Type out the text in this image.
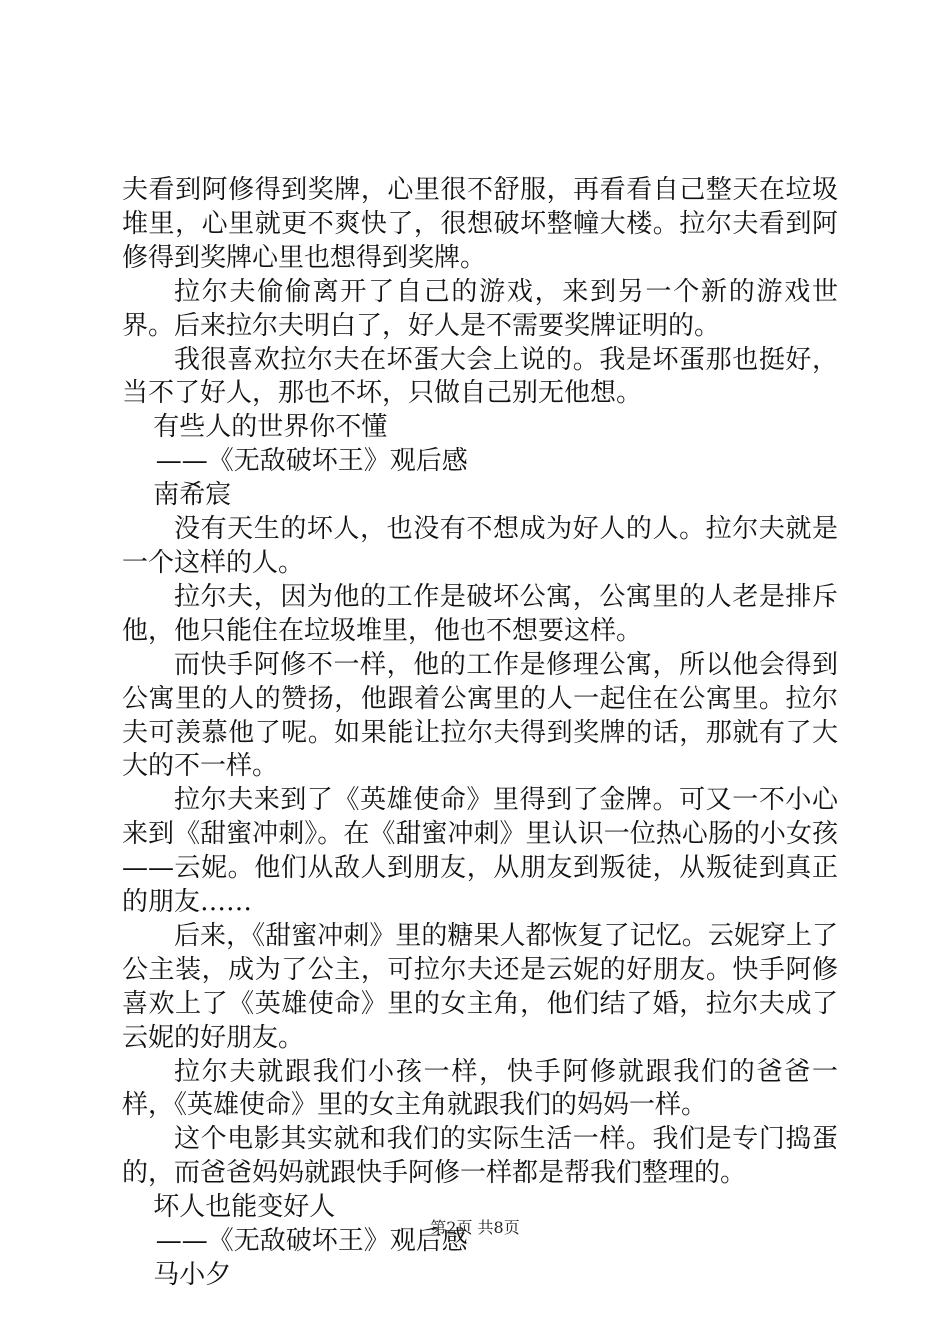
夫看到阿修得到奖牌，心里很不舒服，再看看自己整天在垃圾堆里，心里就更不爽快了，很想破坏整幢大楼。拉尔夫看到阿修得到奖牌心里也想得到奖牌。

拉尔夫偷偷离开了自己的游戏，来到另一个新的游戏世界。后来拉尔夫明白了，好人是不需要奖牌证明的。

我很喜欢拉尔夫在坏蛋大会上说的。我是坏蛋那也挺好，当不了好人，那也不坏，只做自己别无他想。

有些人的世界你不懂

——《无敌破坏王》观后感

南希宸

没有天生的坏人，也没有不想成为好人的人。拉尔夫就是一个这样的人。

拉尔夫，因为他的工作是破坏公寓，公寓里的人老是排斥他，他只能住在垃圾堆里，他也不想要这样。

而快手阿修不一样，他的工作是修理公寓，所以他会得到公寓里的人的赞扬，他跟着公寓里的人一起住在公寓里。拉尔夫可羡慕他了呢。如果能让拉尔夫得到奖牌的话，那就有了大大的不一样。

拉尔夫来到了《英雄使命》里得到了金牌。可又一不小心来到《甜蜜冲刺》。在《甜蜜冲刺》里认识一位热心肠的小女孩——云妮。他们从敌人到朋友，从朋友到叛徒，从叛徒到真正的朋友……

后来，《甜蜜冲刺》里的糖果人都恢复了记忆。云妮穿上了公主装，成为了公主，可拉尔夫还是云妮的好朋友。快手阿修喜欢上了《英雄使命》里的女主角，他们结了婚，拉尔夫成了云妮的好朋友。

拉尔夫就跟我们小孩一样，快手阿修就跟我们的爸爸一样，《英雄使命》里的女主角就跟我们的妈妈一样。

这个电影其实就和我们的实际生活一样。我们是专门捣蛋的，而爸爸妈妈就跟快手阿修一样都是帮我们整理的。

坏人也能变好人

——《无敌破坏王》观后感

马小夕

第2页 共8页
